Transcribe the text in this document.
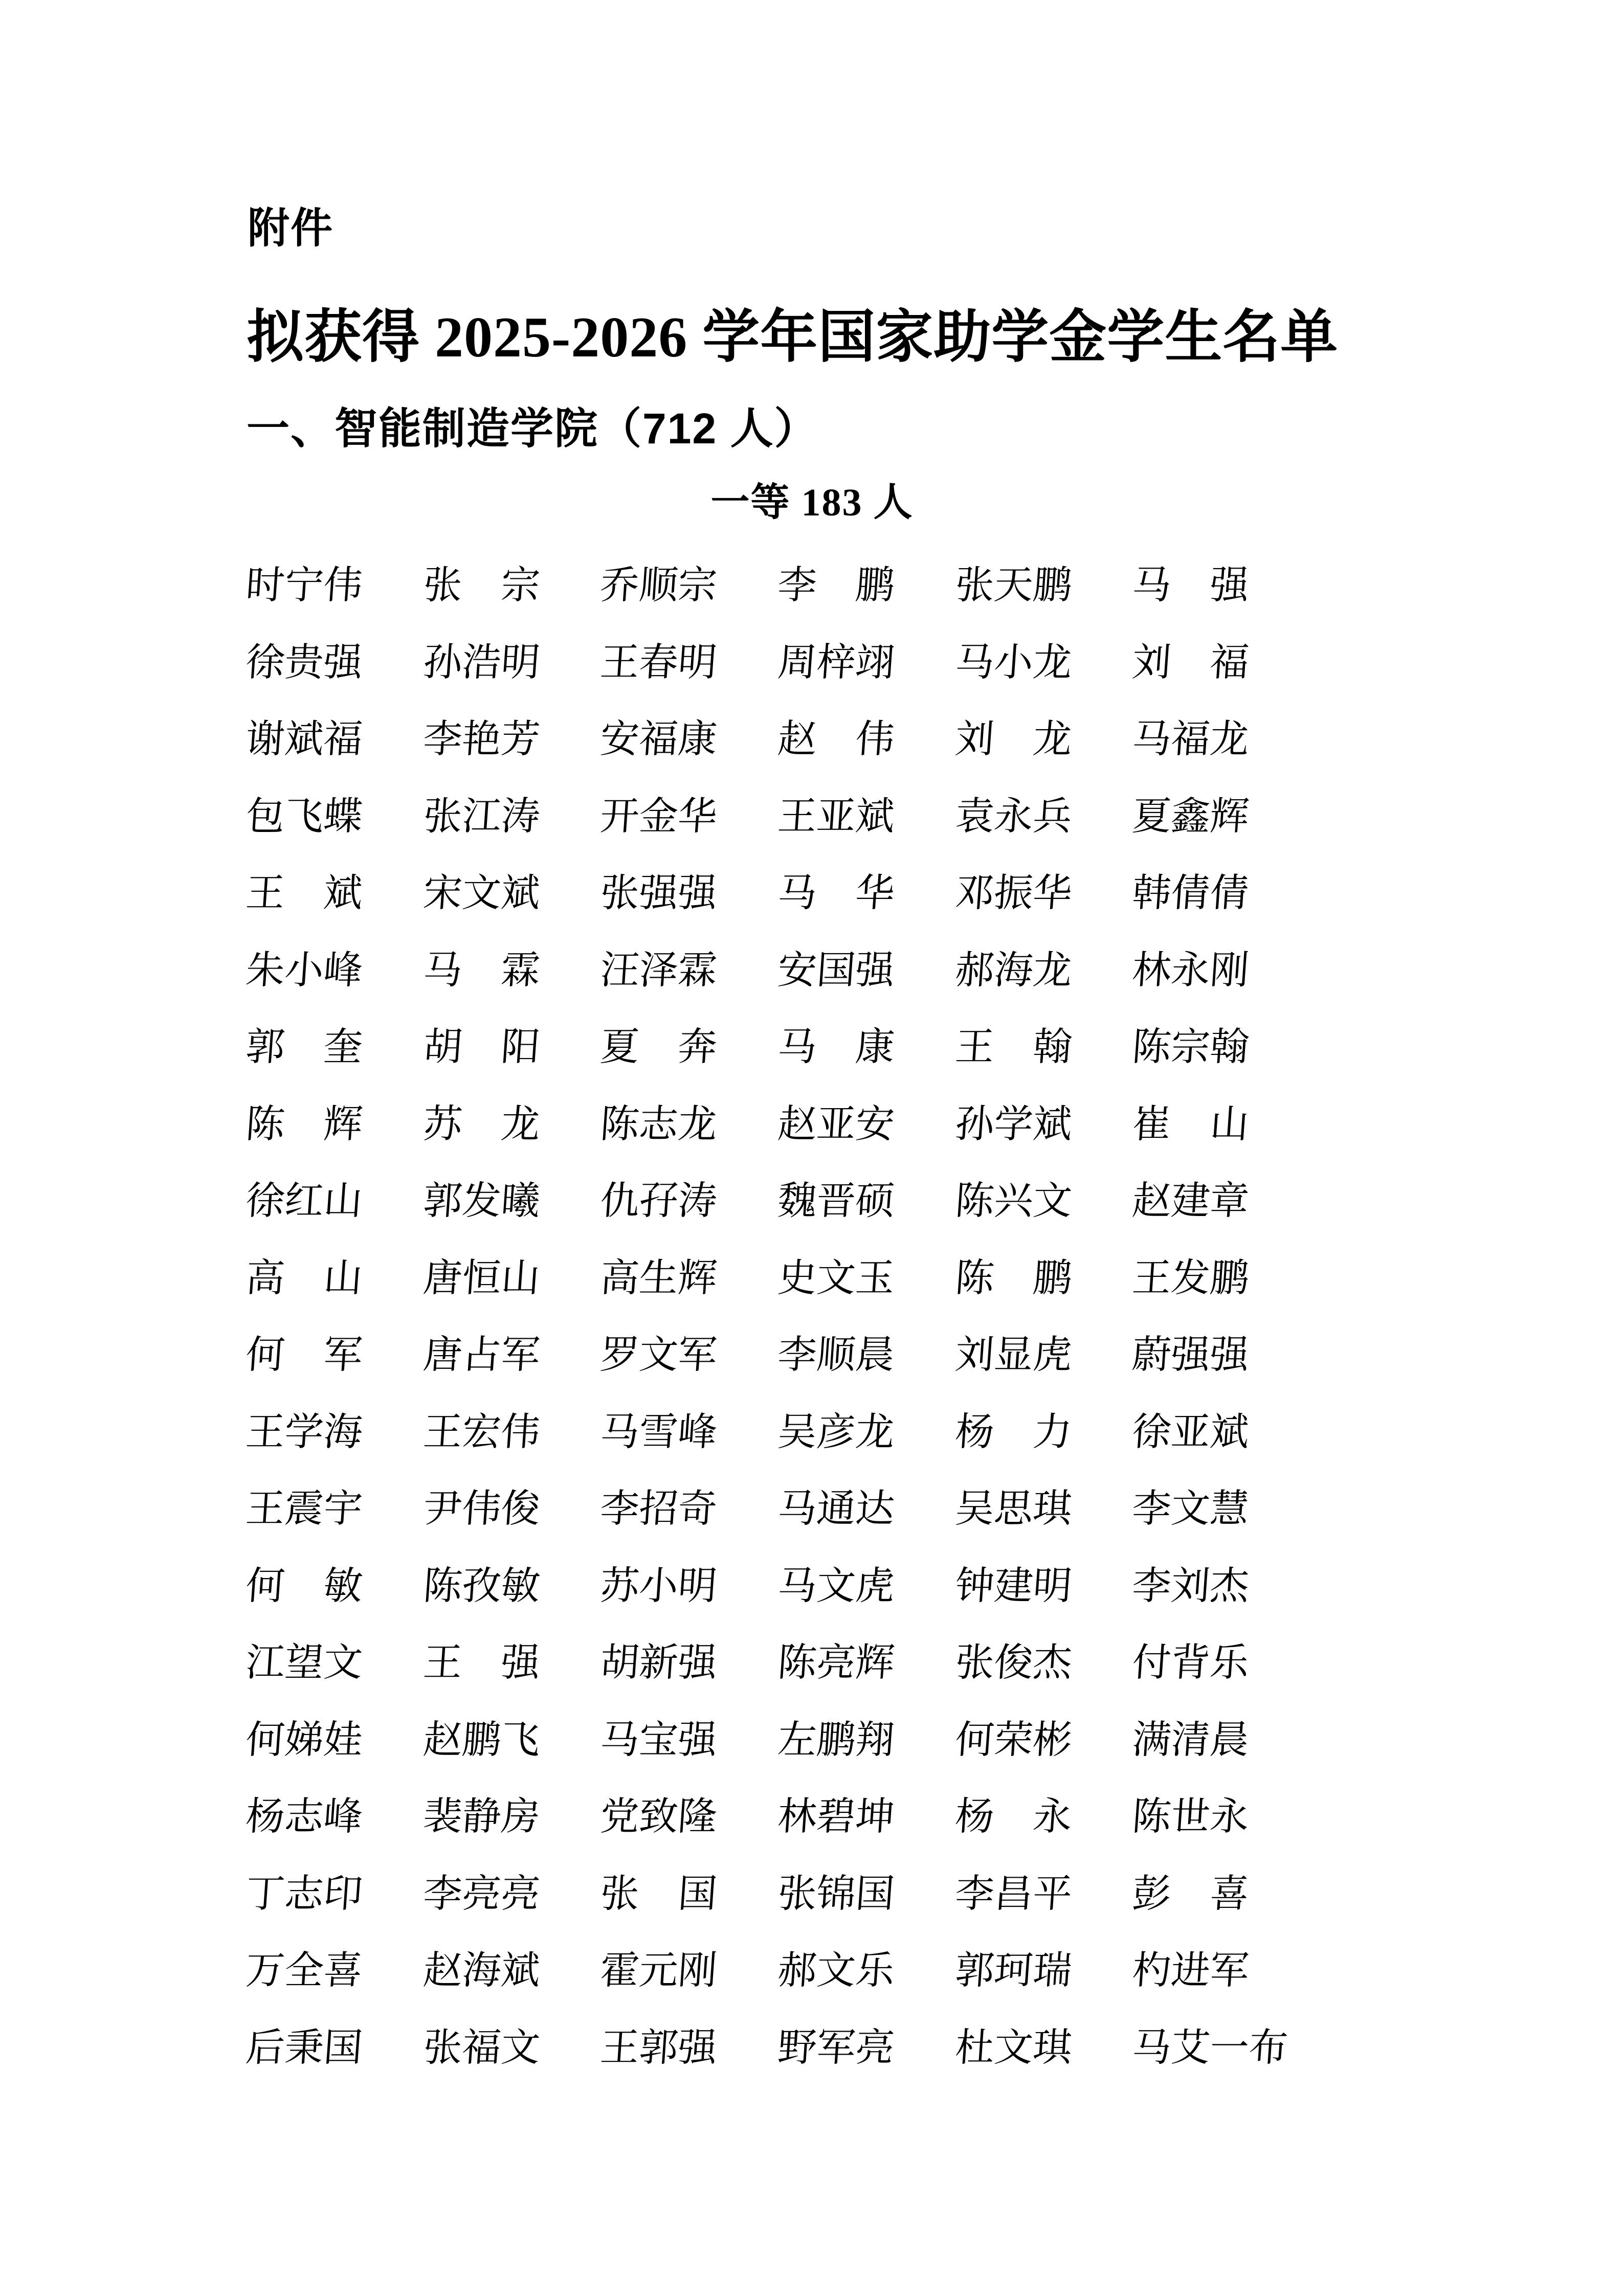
附件
拟获得 2025-2026 学年国家助学金学生名单
一、智能制造学院（712 人）
一等 183 人
时宁伟 张　宗 乔顺宗 李　鹏 张天鹏 马　强
徐贵强 孙浩明 王春明 周梓翊 马小龙 刘　福
谢斌福 李艳芳 安福康 赵　伟 刘　龙 马福龙
包飞蝶 张江涛 开金华 王亚斌 袁永兵 夏鑫辉
王　斌 宋文斌 张强强 马　华 邓振华 韩倩倩
朱小峰 马　霖 汪泽霖 安国强 郝海龙 林永刚
郭　奎 胡　阳 夏　奔 马　康 王　翰 陈宗翰
陈　辉 苏　龙 陈志龙 赵亚安 孙学斌 崔　山
徐红山 郭发曦 仇孖涛 魏晋硕 陈兴文 赵建章
高　山 唐恒山 高生辉 史文玉 陈　鹏 王发鹏
何　军 唐占军 罗文军 李顺晨 刘显虎 蔚强强
王学海 王宏伟 马雪峰 吴彦龙 杨　力 徐亚斌
王震宇 尹伟俊 李招奇 马通达 吴思琪 李文慧
何　敏 陈孜敏 苏小明 马文虎 钟建明 李刘杰
江望文 王　强 胡新强 陈亮辉 张俊杰 付背乐
何娣娃 赵鹏飞 马宝强 左鹏翔 何荣彬 满清晨
杨志峰 裴静房 党致隆 林碧坤 杨　永 陈世永
丁志印 李亮亮 张　国 张锦国 李昌平 彭　喜
万全喜 赵海斌 霍元刚 郝文乐 郭珂瑞 杓进军
后秉国 张福文 王郭强 野军亮 杜文琪 马艾一布
